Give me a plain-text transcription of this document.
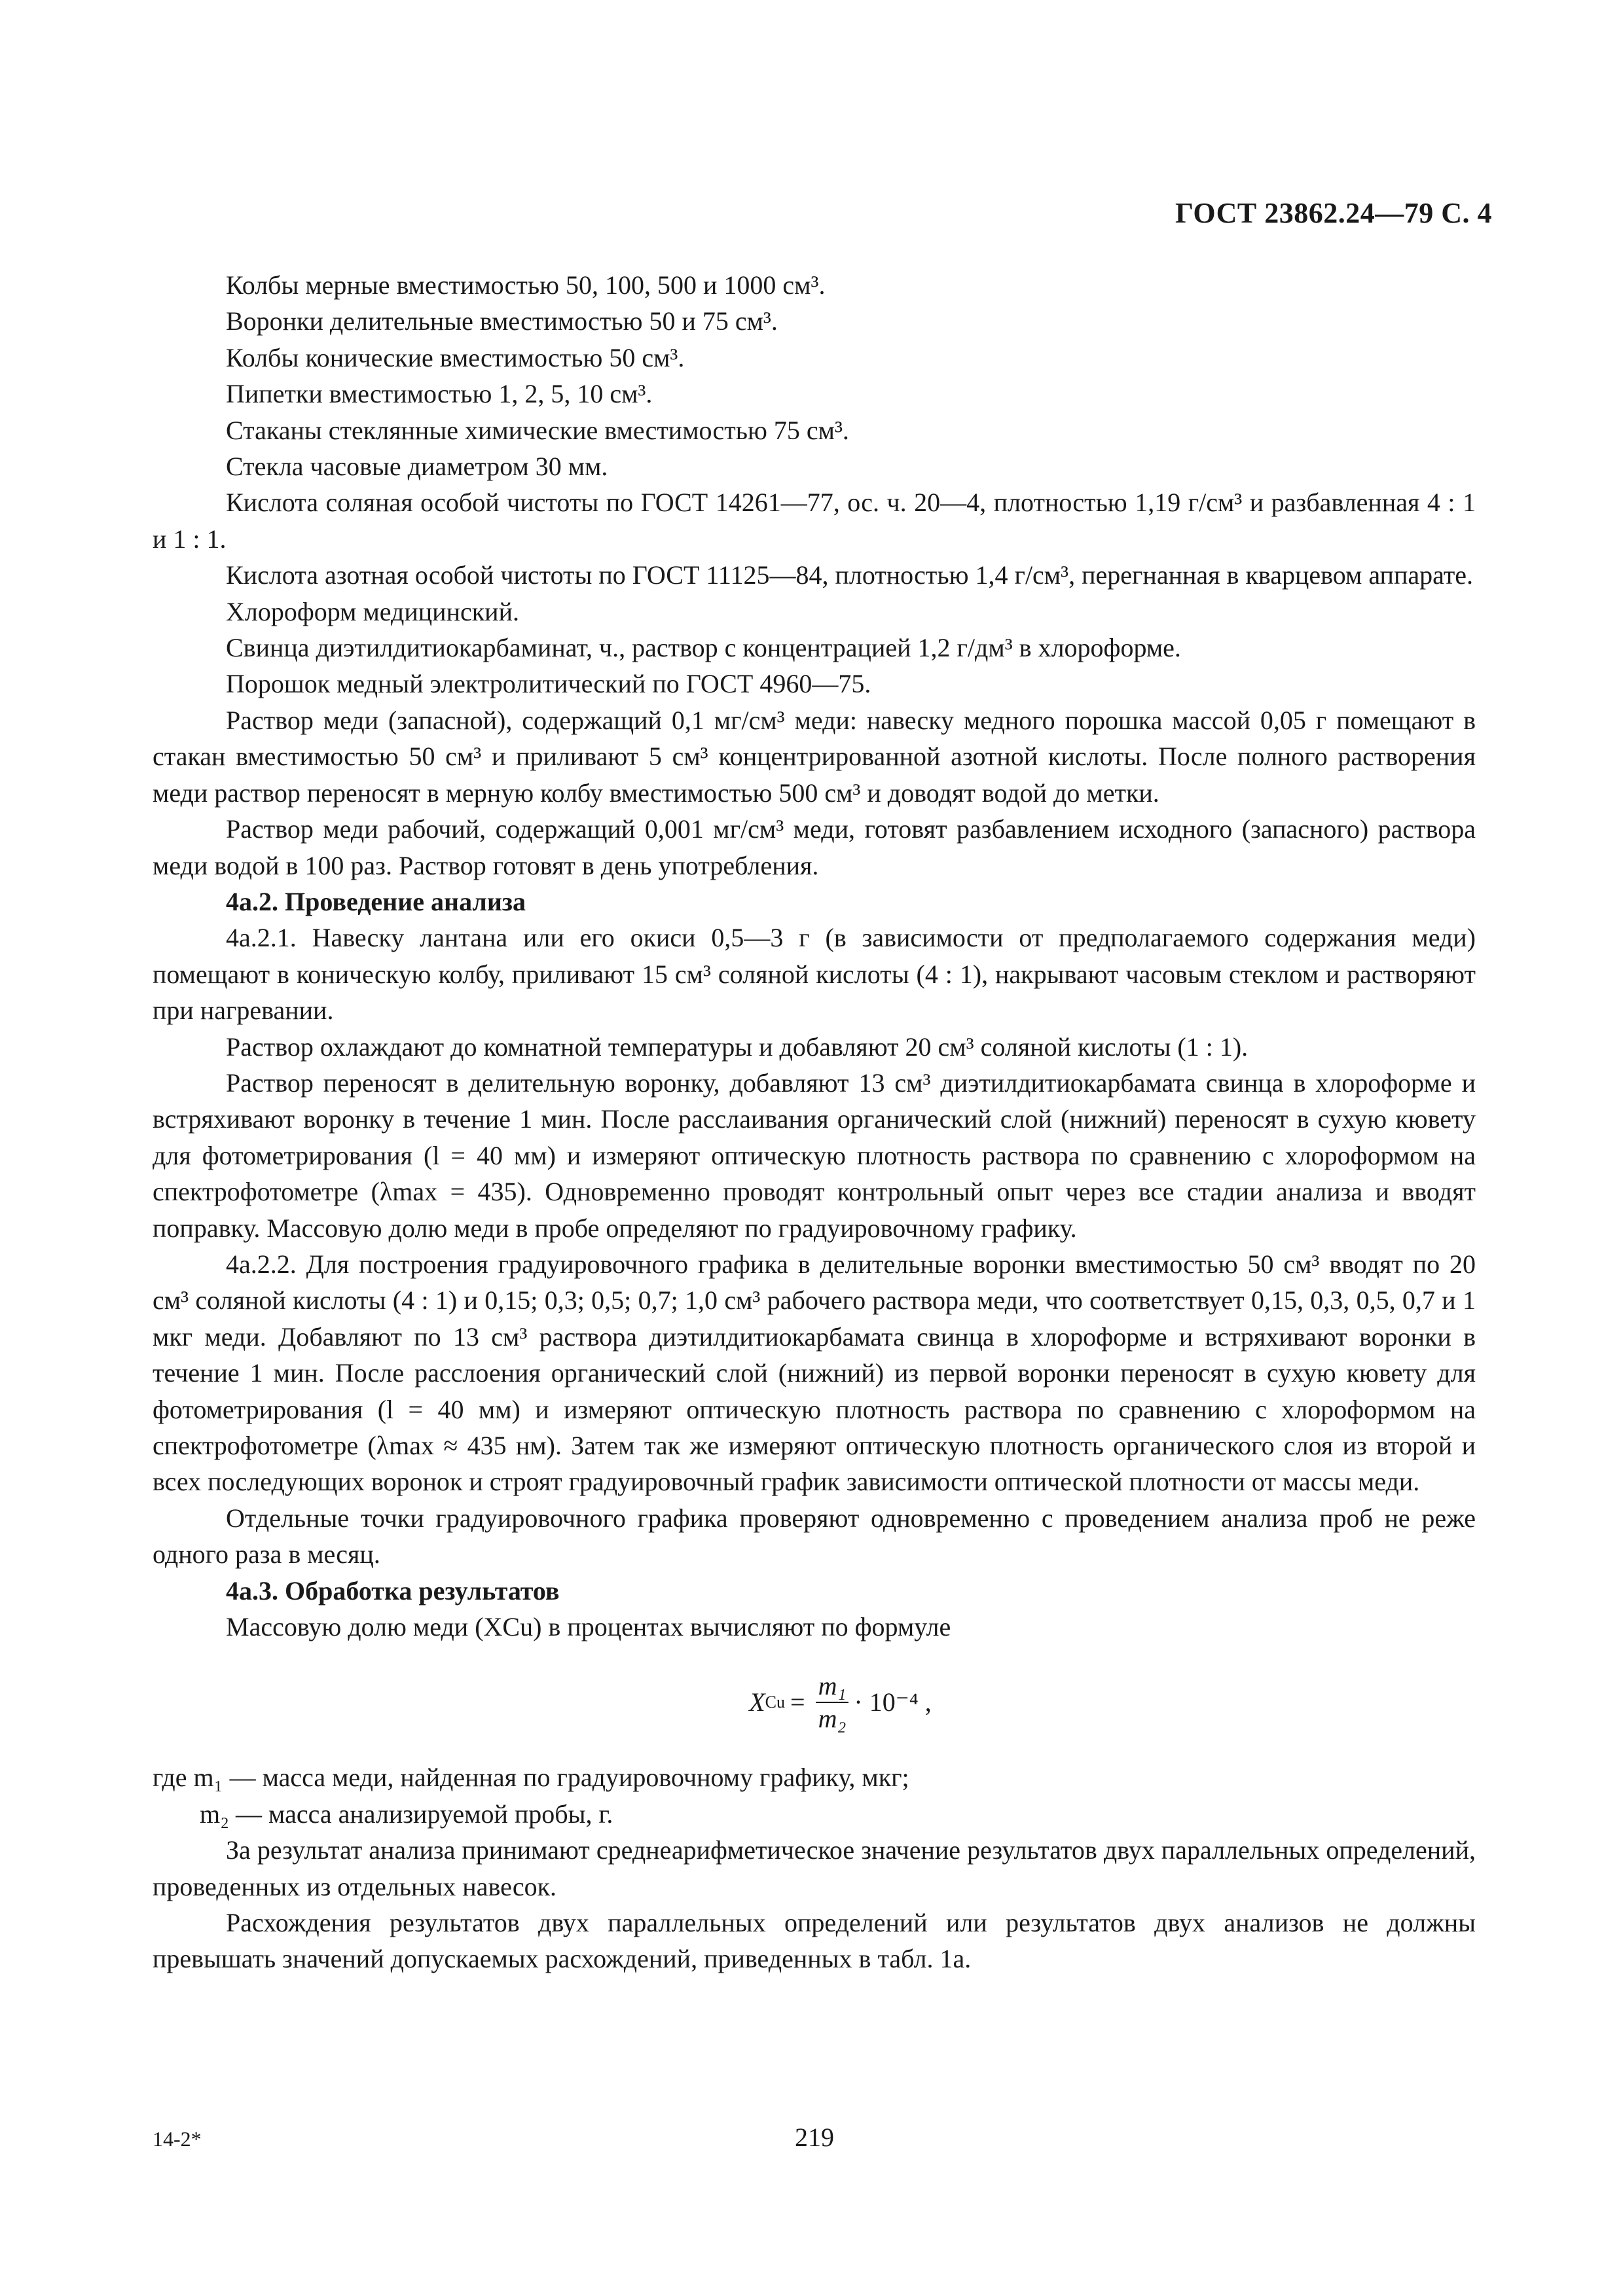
ГОСТ 23862.24—79 С. 4

Колбы мерные вместимостью 50, 100, 500 и 1000 см³.

Воронки делительные вместимостью 50 и 75 см³.

Колбы конические вместимостью 50 см³.

Пипетки вместимостью 1, 2, 5, 10 см³.

Стаканы стеклянные химические вместимостью 75 см³.

Стекла часовые диаметром 30 мм.

Кислота соляная особой чистоты по ГОСТ 14261—77, ос. ч. 20—4, плотностью 1,19 г/см³ и разбавленная 4 : 1 и 1 : 1.

Кислота азотная особой чистоты по ГОСТ 11125—84, плотностью 1,4 г/см³, перегнанная в кварцевом аппарате.

Хлороформ медицинский.

Свинца диэтилдитиокарбаминат, ч., раствор с концентрацией 1,2 г/дм³ в хлороформе.

Порошок медный электролитический по ГОСТ 4960—75.

Раствор меди (запасной), содержащий 0,1 мг/см³ меди: навеску медного порошка массой 0,05 г помещают в стакан вместимостью 50 см³ и приливают 5 см³ концентрированной азотной кислоты. После полного растворения меди раствор переносят в мерную колбу вместимостью 500 см³ и доводят водой до метки.

Раствор меди рабочий, содержащий 0,001 мг/см³ меди, готовят разбавлением исходного (запасного) раствора меди водой в 100 раз. Раствор готовят в день употребления.

4а.2. Проведение анализа

4а.2.1. Навеску лантана или его окиси 0,5—3 г (в зависимости от предполагаемого содержания меди) помещают в коническую колбу, приливают 15 см³ соляной кислоты (4 : 1), накрывают часовым стеклом и растворяют при нагревании.

Раствор охлаждают до комнатной температуры и добавляют 20 см³ соляной кислоты (1 : 1).

Раствор переносят в делительную воронку, добавляют 13 см³ диэтилдитиокарбамата свинца в хлороформе и встряхивают воронку в течение 1 мин. После расслаивания органический слой (нижний) переносят в сухую кювету для фотометрирования (l = 40 мм) и измеряют оптическую плотность раствора по сравнению с хлороформом на спектрофотометре (λmax = 435). Одновременно проводят контрольный опыт через все стадии анализа и вводят поправку. Массовую долю меди в пробе определяют по градуировочному графику.

4а.2.2. Для построения градуировочного графика в делительные воронки вместимостью 50 см³ вводят по 20 см³ соляной кислоты (4 : 1) и 0,15; 0,3; 0,5; 0,7; 1,0 см³ рабочего раствора меди, что соответствует 0,15, 0,3, 0,5, 0,7 и 1 мкг меди. Добавляют по 13 см³ раствора диэтилдитиокарбамата свинца в хлороформе и встряхивают воронки в течение 1 мин. После расслоения органический слой (нижний) из первой воронки переносят в сухую кювету для фотометрирования (l = 40 мм) и измеряют оптическую плотность раствора по сравнению с хлороформом на спектрофотометре (λmax ≈ 435 нм). Затем так же измеряют оптическую плотность органического слоя из второй и всех последующих воронок и строят градуировочный график зависимости оптической плотности от массы меди.

Отдельные точки градуировочного графика проверяют одновременно с проведением анализа проб не реже одного раза в месяц.

4а.3. Обработка результатов

Массовую долю меди (XCu) в процентах вычисляют по формуле

X $Cu = \frac{\text{m₁}}{\text{m₂}} \cdot 10^{-4}$ ,

где m₁ — масса меди, найденная по градуировочному графику, мкг;

m₂ — масса анализируемой пробы, г.

За результат анализа принимают среднеарифметическое значение результатов двух параллельных определений, проведенных из отдельных навесок.

Расхождения результатов двух параллельных определений или результатов двух анализов не должны превышать значений допускаемых расхождений, приведенных в табл. 1а.

14-2*	219
